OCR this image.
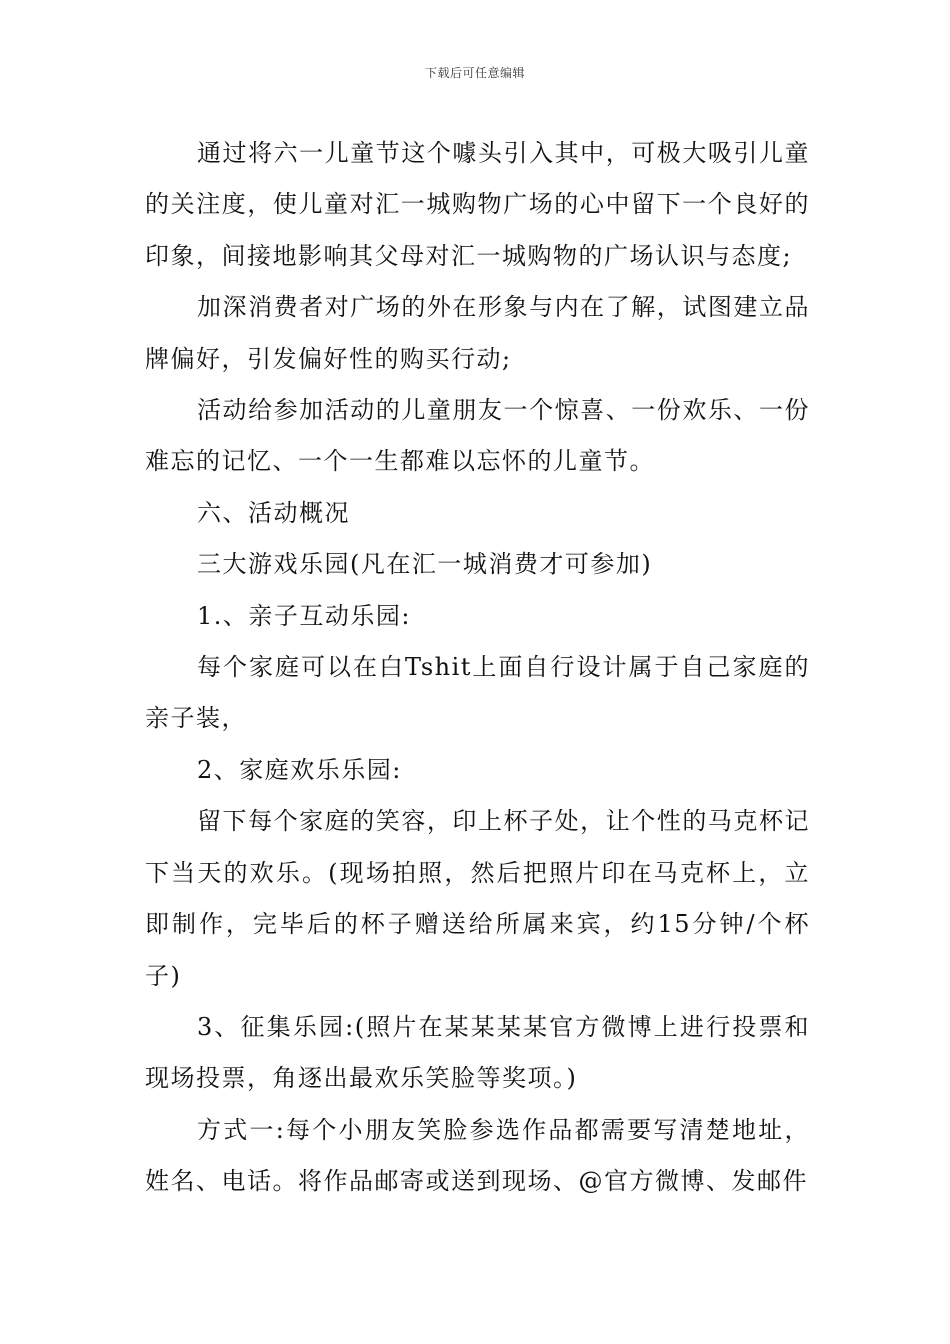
下载后可任意编辑

通过将六一儿童节这个噱头引入其中，可极大吸引儿童的关注度，使儿童对汇一城购物广场的心中留下一个良好的印象，间接地影响其父母对汇一城购物的广场认识与态度;

加深消费者对广场的外在形象与内在了解，试图建立品牌偏好，引发偏好性的购买行动;

活动给参加活动的儿童朋友一个惊喜、一份欢乐、一份难忘的记忆、一个一生都难以忘怀的儿童节。

六、活动概况

三大游戏乐园(凡在汇一城消费才可参加)

1.、亲子互动乐园:

每个家庭可以在白Tshit上面自行设计属于自己家庭的亲子装，

2、家庭欢乐乐园:

留下每个家庭的笑容，印上杯子处，让个性的马克杯记下当天的欢乐。(现场拍照，然后把照片印在马克杯上，立即制作，完毕后的杯子赠送给所属来宾，约15分钟/个杯子)

3、征集乐园:(照片在某某某某官方微博上进行投票和现场投票，角逐出最欢乐笑脸等奖项。)

方式一:每个小朋友笑脸参选作品都需要写清楚地址，姓名、电话。将作品邮寄或送到现场、@官方微博、发邮件
